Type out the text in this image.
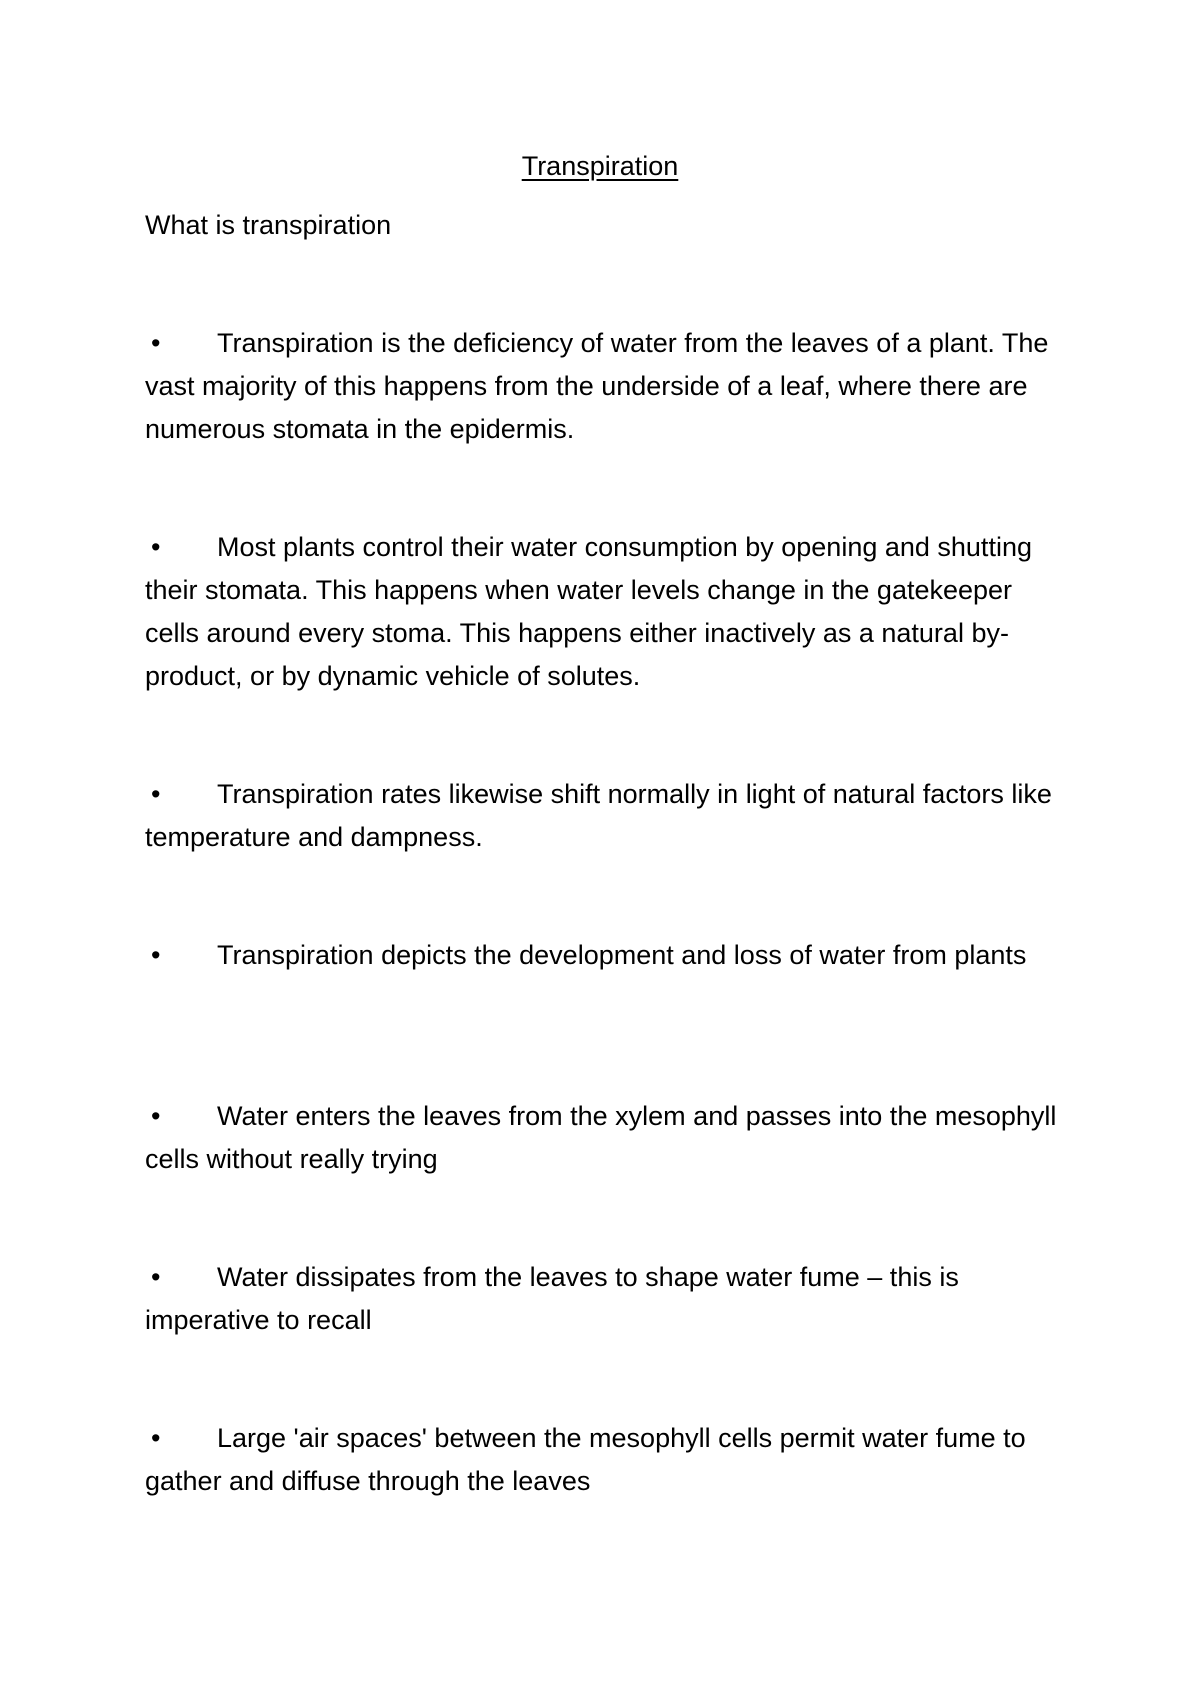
Transpiration
What is transpiration
• Transpiration is the deficiency of water from the leaves of a plant. The vast majority of this happens from the underside of a leaf, where there are numerous stomata in the epidermis.
• Most plants control their water consumption by opening and shutting their stomata. This happens when water levels change in the gatekeeper cells around every stoma. This happens either inactively as a natural by-product, or by dynamic vehicle of solutes.
• Transpiration rates likewise shift normally in light of natural factors like temperature and dampness.
• Transpiration depicts the development and loss of water from plants
• Water enters the leaves from the xylem and passes into the mesophyll cells without really trying
• Water dissipates from the leaves to shape water fume – this is imperative to recall
• Large 'air spaces' between the mesophyll cells permit water fume to gather and diffuse through the leaves
